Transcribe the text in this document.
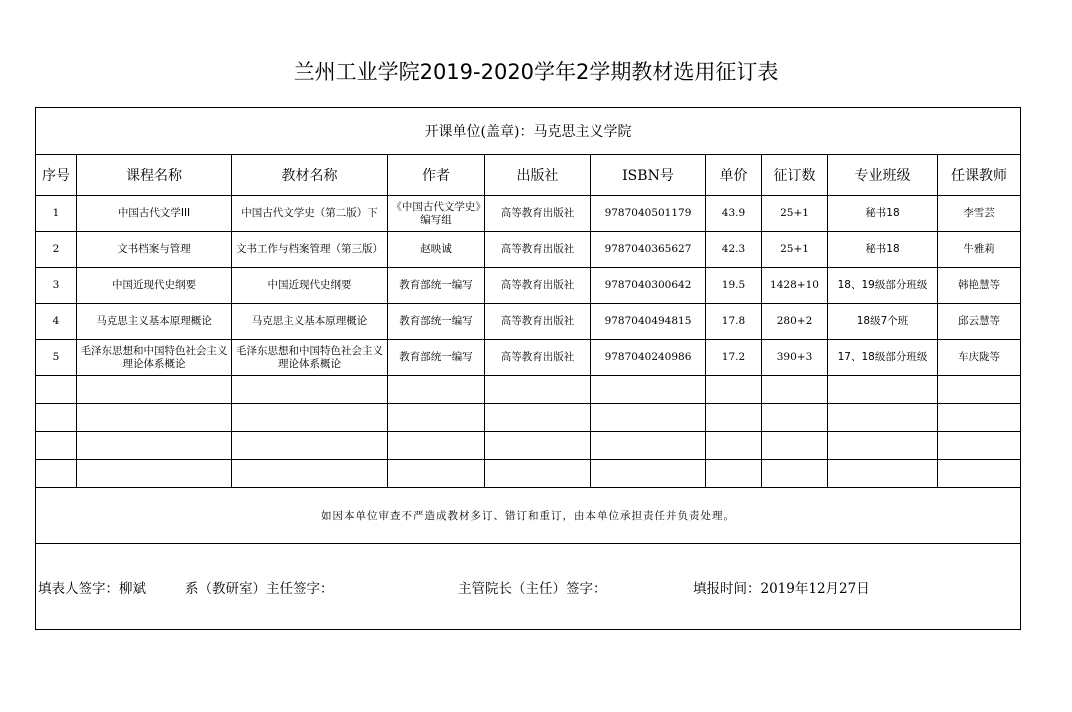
兰州工业学院2019-2020学年2学期教材选用征订表
开课单位(盖章)：马克思主义学院									
序号	课程名称	教材名称	作者	出版社	ISBN号	单价	征订数	专业班级	任课教师
1	中国古代文学III	中国古代文学史（第二版）下	《中国古代文学史》编写组	高等教育出版社	9787040501179	43.9	25+1	秘书18	李雪芸
2	文书档案与管理	文书工作与档案管理（第三版）	赵映诚	高等教育出版社	9787040365627	42.3	25+1	秘书18	牛雅莉
3	中国近现代史纲要	中国近现代史纲要	教育部统一编写	高等教育出版社	9787040300642	19.5	1428+10	18、19级部分班级	韩艳慧等
4	马克思主义基本原理概论	马克思主义基本原理概论	教育部统一编写	高等教育出版社	9787040494815	17.8	280+2	18级7个班	邱云慧等
5	毛泽东思想和中国特色社会主义理论体系概论	毛泽东思想和中国特色社会主义理论体系概论	教育部统一编写	高等教育出版社	9787040240986	17.2	390+3	17、18级部分班级	车庆陇等

如因本单位审查不严造成教材多订、错订和重订，由本单位承担责任并负责处理。									

填表人签字：柳斌 系（教研室）主任签字： 主管院长（主任）签字： 填报时间：2019年12月27日									
